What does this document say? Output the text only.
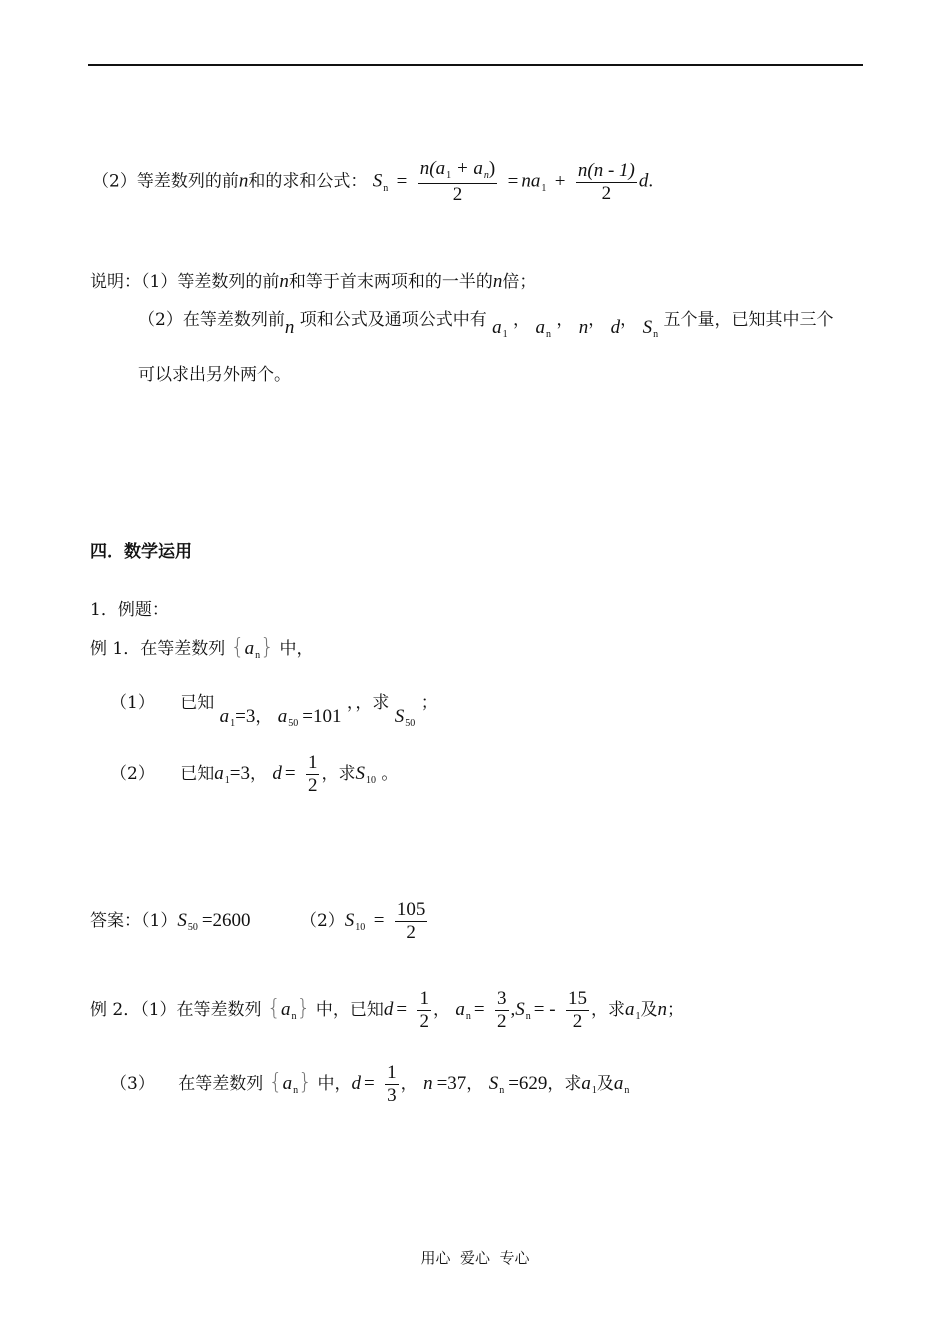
（2）等差数列的前n和的求和公式： $S_n = \frac{n(a_1 + a_n)}{2} = na_1 + \frac{n(n - 1)}{2} d$.
说明：（1）等差数列的前n和等于首末两项和的一半的n倍；
（2）在等差数列前n 项和公式及通项公式中有 $a_1$ ， $a_n$ ， n， d， $S_n$ 五个量，已知其中三个
可以求出另外两个。
四．数学运用
1．例题：
例 1．在等差数列 $\{a_n\}$ 中，
（1） 已知 $a_1=3$， $a_{50} =101$ ，，求 $S_{50}$ ；
（2） 已知$a_1=3$， $d = \frac{1}{2}$ ，求$S_{10}$ 。
答案：$(1)S_{50} =2600$	$(2)S_{10} = \frac{105}{2}$
例 2．（1）在等差数列 $\{a_n\}$ 中，已知$d = \frac{1}{2}$ ， $a_n = \frac{3}{2} ,S_n$ = - $\frac{15}{2}$ ，求$a_1$及n；
（3） 在等差数列 $\{a_n\}$ 中，$d = \frac{1}{3}$ ， n =37， $S_n =629$，求$a_1$及$a_n$
用心  爱心  专心
